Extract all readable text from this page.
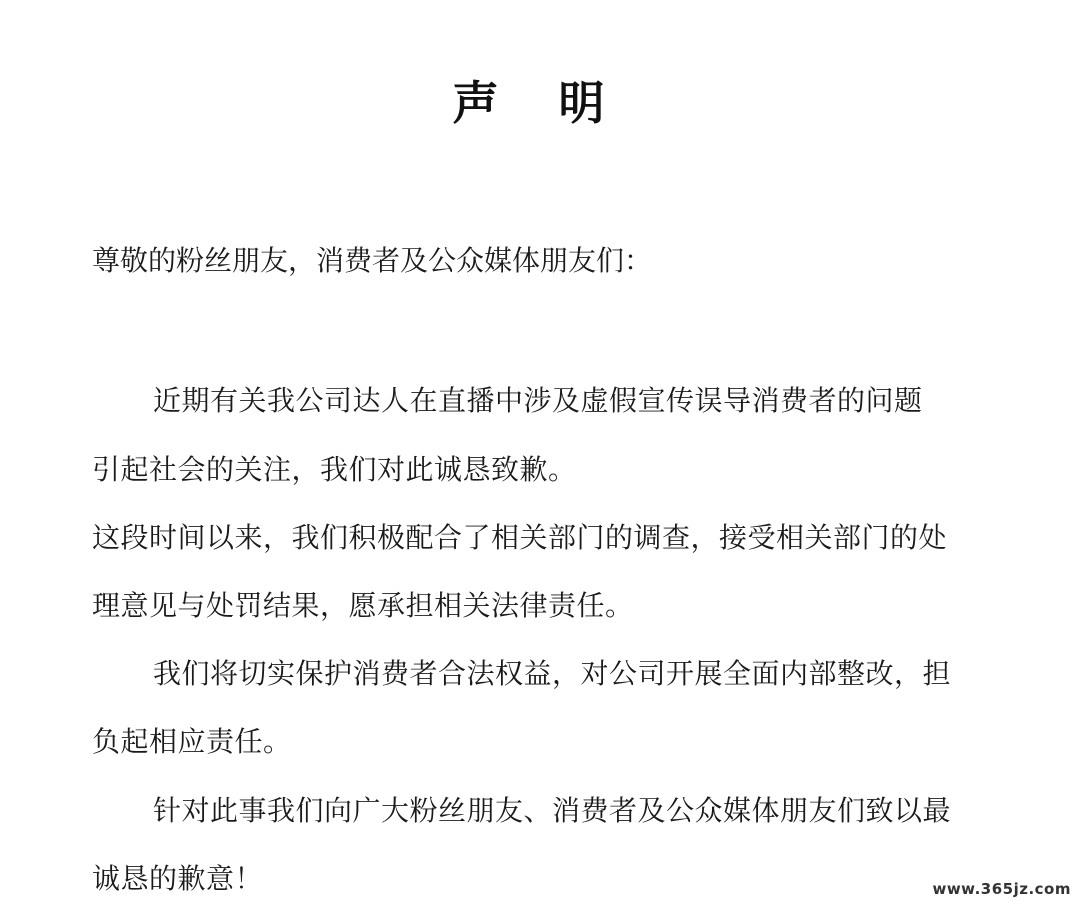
声 明
尊敬的粉丝朋友，消费者及公众媒体朋友们：
近期有关我公司达人在直播中涉及虚假宣传误导消费者的问题
引起社会的关注，我们对此诚恳致歉。
这段时间以来，我们积极配合了相关部门的调查，接受相关部门的处
理意见与处罚结果，愿承担相关法律责任。
我们将切实保护消费者合法权益，对公司开展全面内部整改，担
负起相应责任。
针对此事我们向广大粉丝朋友、消费者及公众媒体朋友们致以最
诚恳的歉意！	www.365jz.com
